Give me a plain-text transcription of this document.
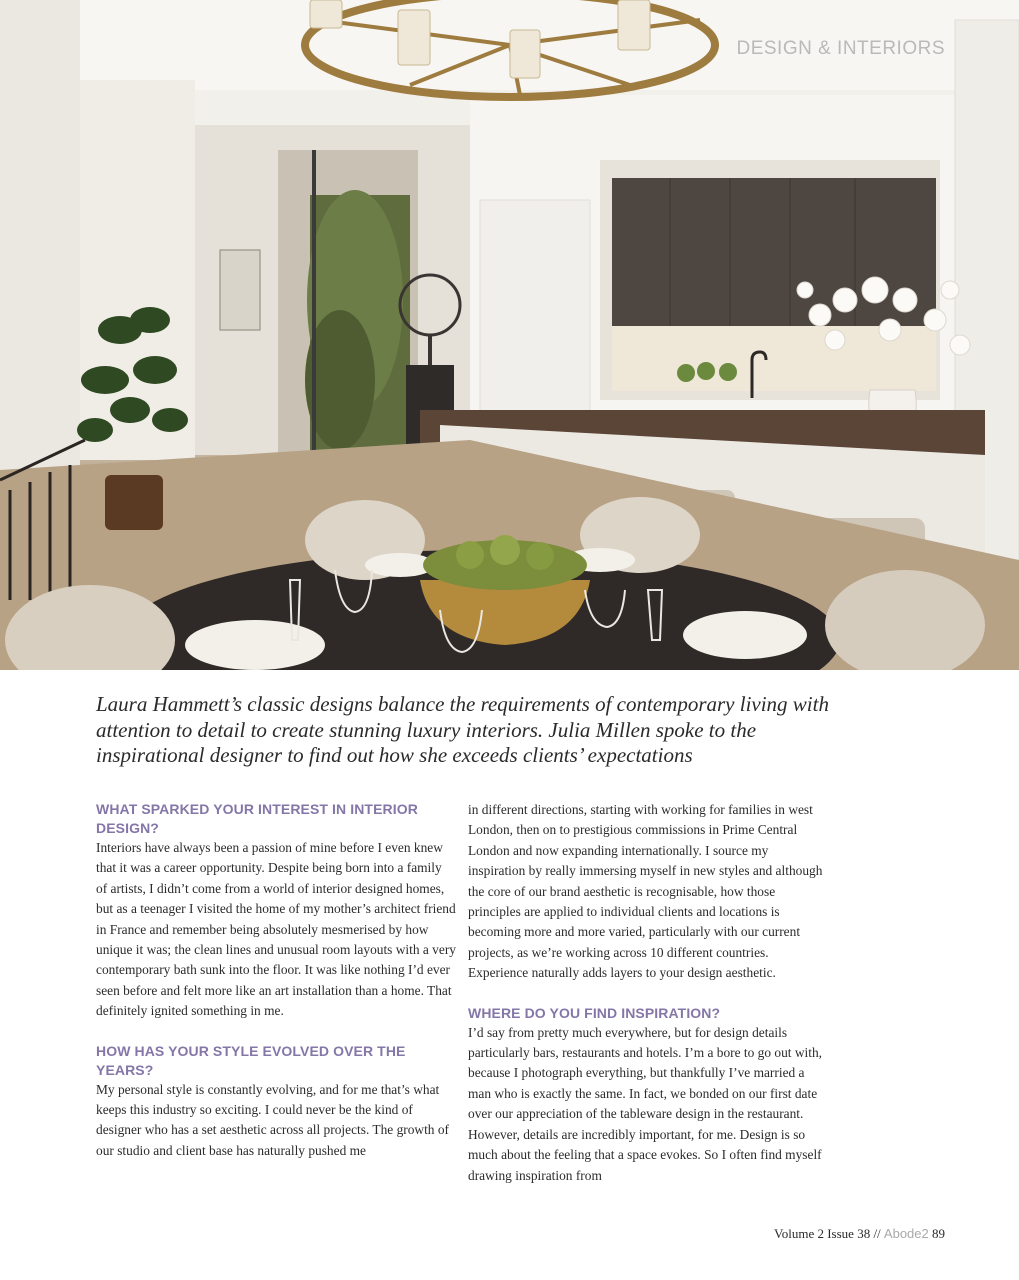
DESIGN & INTERIORS

Laura Hammett’s classic designs balance the requirements of contemporary living with attention to detail to create stunning luxury interiors. Julia Millen spoke to the inspirational designer to find out how she exceeds clients’ expectations

WHAT SPARKED YOUR INTEREST IN INTERIOR DESIGN?

Interiors have always been a passion of mine before I even knew that it was a career opportunity. Despite being born into a family of artists, I didn’t come from a world of interior designed homes, but as a teenager I visited the home of my mother’s architect friend in France and remember being absolutely mesmerised by how unique it was; the clean lines and unusual room layouts with a very contemporary bath sunk into the floor. It was like nothing I’d ever seen before and felt more like an art installation than a home. That definitely ignited something in me.

HOW HAS YOUR STYLE EVOLVED OVER THE YEARS?

My personal style is constantly evolving, and for me that’s what keeps this industry so exciting. I could never be the kind of designer who has a set aesthetic across all projects. The growth of our studio and client base has naturally pushed me

in different directions, starting with working for families in west London, then on to prestigious commissions in Prime Central London and now expanding internationally. I source my inspiration by really immersing myself in new styles and although the core of our brand aesthetic is recognisable, how those principles are applied to individual clients and locations is becoming more and more varied, particularly with our current projects, as we’re working across 10 different countries. Experience naturally adds layers to your design aesthetic.

WHERE DO YOU FIND INSPIRATION?

I’d say from pretty much everywhere, but for design details particularly bars, restaurants and hotels. I’m a bore to go out with, because I photograph everything, but thankfully I’ve married a man who is exactly the same. In fact, we bonded on our first date over our appreciation of the tableware design in the restaurant. However, details are incredibly important, for me. Design is so much about the feeling that a space evokes. So I often find myself drawing inspiration from

Volume 2 Issue 38 // Abode2 89
